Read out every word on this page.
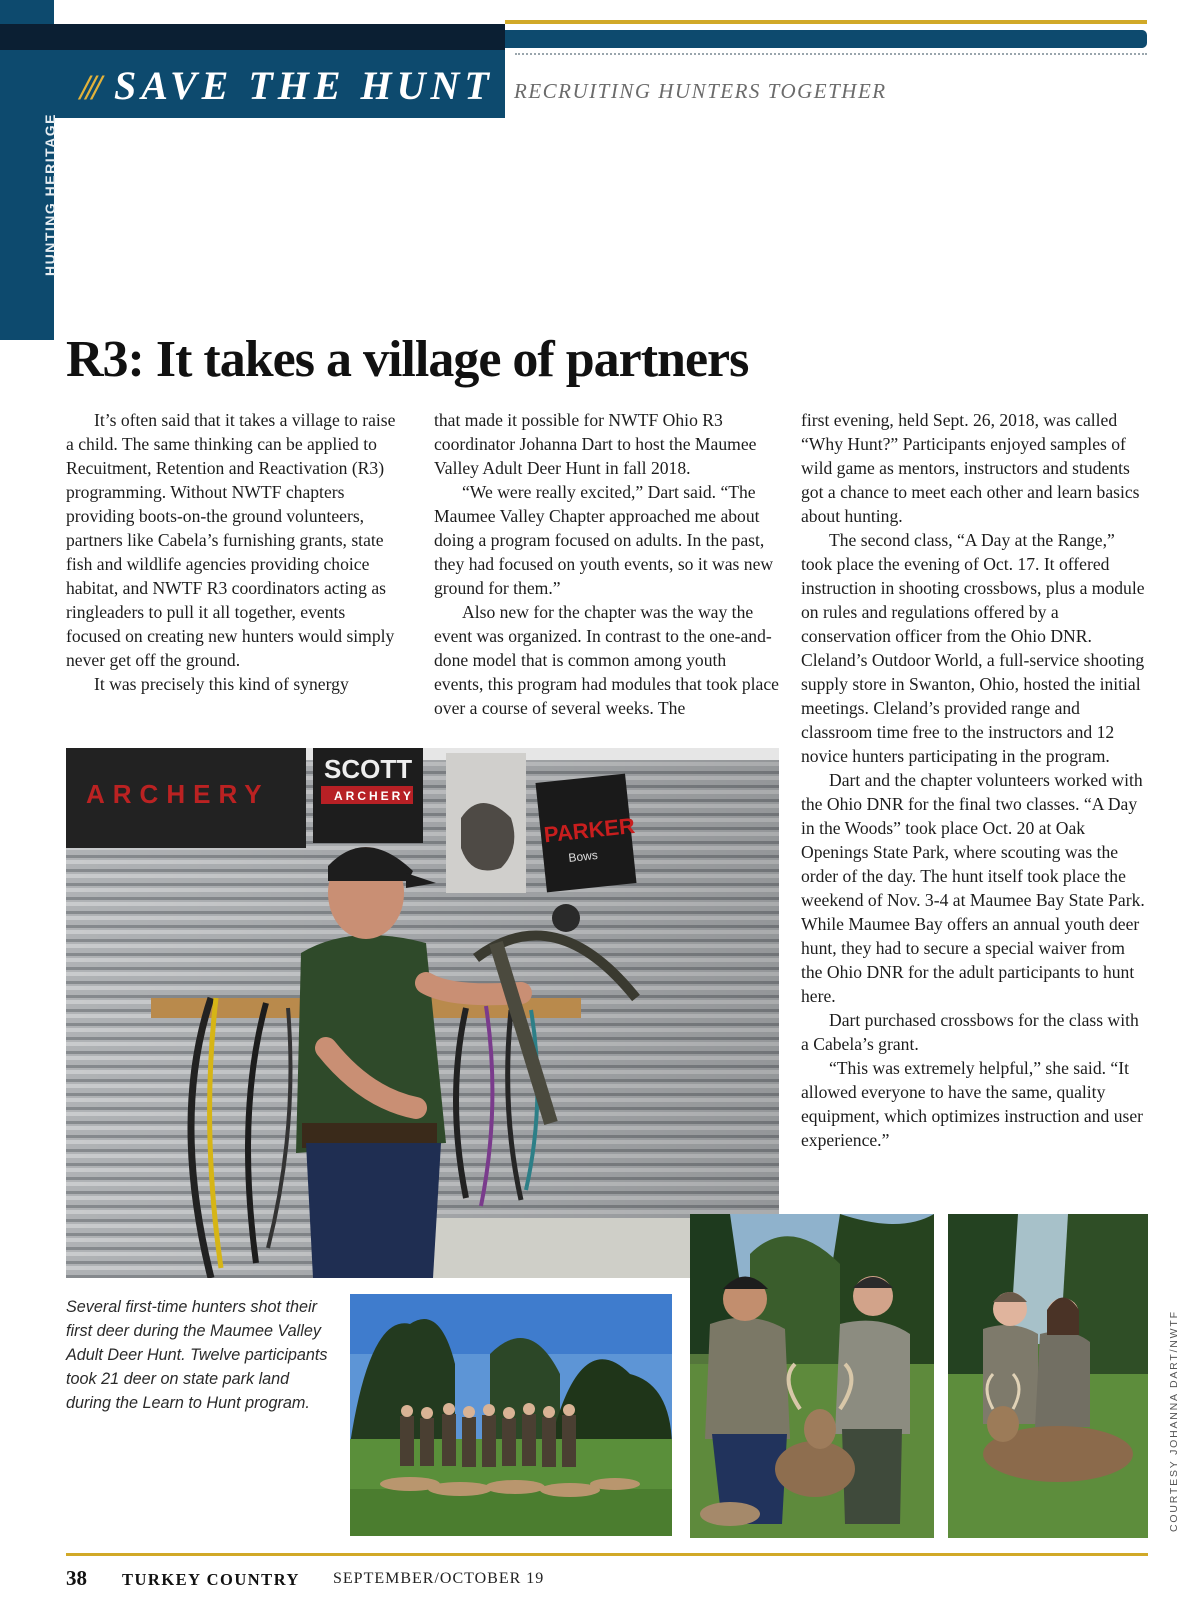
/// SAVE THE HUNT RECRUITING HUNTERS TOGETHER
HUNTING HERITAGE
R3: It takes a village of partners

It’s often said that it takes a village to raise a child. The same thinking can be applied to Recuitment, Retention and Reactivation (R3) programming. Without NWTF chapters providing boots-on-the ground volunteers, partners like Cabela’s furnishing grants, state fish and wildlife agencies providing choice habitat, and NWTF R3 coordinators acting as ringleaders to pull it all together, events focused on creating new hunters would simply never get off the ground.

It was precisely this kind of synergy

that made it possible for NWTF Ohio R3 coordinator Johanna Dart to host the Maumee Valley Adult Deer Hunt in fall 2018.

“We were really excited,” Dart said. “The Maumee Valley Chapter approached me about doing a program focused on adults. In the past, they had focused on youth events, so it was new ground for them.”

Also new for the chapter was the way the event was organized. In contrast to the one-and-done model that is common among youth events, this program had modules that took place over a course of several weeks. The

first evening, held Sept. 26, 2018, was called “Why Hunt?” Participants enjoyed samples of wild game as mentors, instructors and students got a chance to meet each other and learn basics about hunting.

The second class, “A Day at the Range,” took place the evening of Oct. 17. It offered instruction in shooting crossbows, plus a module on rules and regulations offered by a conservation officer from the Ohio DNR. Cleland’s Outdoor World, a full-service shooting supply store in Swanton, Ohio, hosted the initial meetings. Cleland’s provided range and classroom time free to the instructors and 12 novice hunters participating in the program.

Dart and the chapter volunteers worked with the Ohio DNR for the final two classes. “A Day in the Woods” took place Oct. 20 at Oak Openings State Park, where scouting was the order of the day. The hunt itself took place the weekend of Nov. 3-4 at Maumee Bay State Park. While Maumee Bay offers an annual youth deer hunt, they had to secure a special waiver from the Ohio DNR for the adult participants to hunt here.

Dart purchased crossbows for the class with a Cabela’s grant.

“This was extremely helpful,” she said. “It allowed everyone to have the same, quality equipment, which optimizes instruction and user experience.”

ARCHERY
SCOTT
ARCHERY
PARKER
Bows
Several first-time hunters shot their first deer during the Maumee Valley Adult Deer Hunt. Twelve participants took 21 deer on state park land during the Learn to Hunt program.	COURTESY JOHANNA DART/NWTF
38 TURKEY COUNTRY SEPTEMBER/OCTOBER 19
